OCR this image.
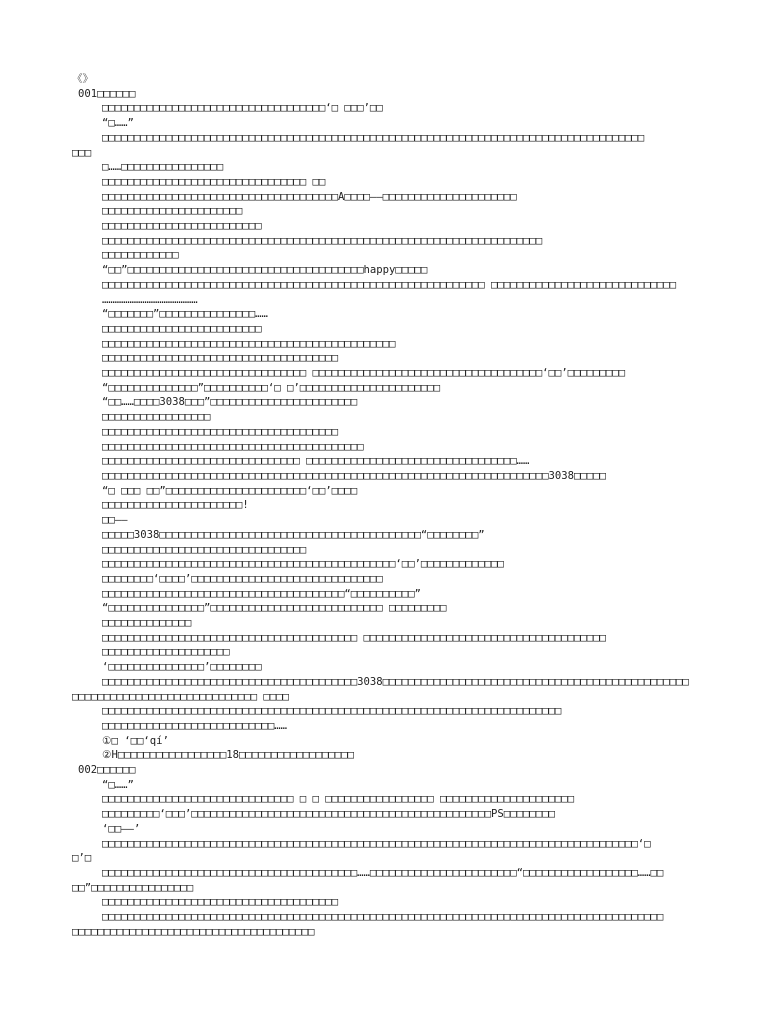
《》
001□□□□□□
□□□□□□□□□□□□□□□□□□□□□□□□□□□□□□□□□□□‘□ □□□’□□
“□……”
□□□□□□□□□□□□□□□□□□□□□□□□□□□□□□□□□□□□□□□□□□□□□□□□□□□□□□□□□□□□□□□□□□□□□□□□□□□□□□□□□□□□□
□□□
□……□□□□□□□□□□□□□□□□
□□□□□□□□□□□□□□□□□□□□□□□□□□□□□□□□ □□
□□□□□□□□□□□□□□□□□□□□□□□□□□□□□□□□□□□□□A□□□□——□□□□□□□□□□□□□□□□□□□□□
□□□□□□□□□□□□□□□□□□□□□□
□□□□□□□□□□□□□□□□□□□□□□□□□
□□□□□□□□□□□□□□□□□□□□□□□□□□□□□□□□□□□□□□□□□□□□□□□□□□□□□□□□□□□□□□□□□□□□□
□□□□□□□□□□□□
“□□”□□□□□□□□□□□□□□□□□□□□□□□□□□□□□□□□□□□□□happy□□□□□
□□□□□□□□□□□□□□□□□□□□□□□□□□□□□□□□□□□□□□□□□□□□□□□□□□□□□□□□□□□□ □□□□□□□□□□□□□□□□□□□□□□□□□□□□□
………………………………………
“□□□□□□□”□□□□□□□□□□□□□□□……
□□□□□□□□□□□□□□□□□□□□□□□□□
□□□□□□□□□□□□□□□□□□□□□□□□□□□□□□□□□□□□□□□□□□□□□□
□□□□□□□□□□□□□□□□□□□□□□□□□□□□□□□□□□□□□
□□□□□□□□□□□□□□□□□□□□□□□□□□□□□□□□ □□□□□□□□□□□□□□□□□□□□□□□□□□□□□□□□□□□□‘□□’□□□□□□□□□
“□□□□□□□□□□□□□□”□□□□□□□□□□‘□ □’□□□□□□□□□□□□□□□□□□□□□□
“□□……□□□□3038□□□”□□□□□□□□□□□□□□□□□□□□□□□
□□□□□□□□□□□□□□□□□
□□□□□□□□□□□□□□□□□□□□□□□□□□□□□□□□□□□□□
□□□□□□□□□□□□□□□□□□□□□□□□□□□□□□□□□□□□□□□□□
□□□□□□□□□□□□□□□□□□□□□□□□□□□□□□□ □□□□□□□□□□□□□□□□□□□□□□□□□□□□□□□□□……
□□□□□□□□□□□□□□□□□□□□□□□□□□□□□□□□□□□□□□□□□□□□□□□□□□□□□□□□□□□□□□□□□□□□□□3038□□□□□
“□ □□□ □□”□□□□□□□□□□□□□□□□□□□□□□‘□□’□□□□
□□□□□□□□□□□□□□□□□□□□□□!
□□——
□□□□□3038□□□□□□□□□□□□□□□□□□□□□□□□□□□□□□□□□□□□□□□□□“□□□□□□□□”
□□□□□□□□□□□□□□□□□□□□□□□□□□□□□□□□
□□□□□□□□□□□□□□□□□□□□□□□□□□□□□□□□□□□□□□□□□□□□□□‘□□’□□□□□□□□□□□□□
□□□□□□□□‘□□□□’□□□□□□□□□□□□□□□□□□□□□□□□□□□□□□
□□□□□□□□□□□□□□□□□□□□□□□□□□□□□□□□□□□□□□“□□□□□□□□□□”
“□□□□□□□□□□□□□□□”□□□□□□□□□□□□□□□□□□□□□□□□□□□ □□□□□□□□□
□□□□□□□□□□□□□□
□□□□□□□□□□□□□□□□□□□□□□□□□□□□□□□□□□□□□□□□ □□□□□□□□□□□□□□□□□□□□□□□□□□□□□□□□□□□□□□
□□□□□□□□□□□□□□□□□□□□
‘□□□□□□□□□□□□□□□’□□□□□□□□
□□□□□□□□□□□□□□□□□□□□□□□□□□□□□□□□□□□□□□□□3038□□□□□□□□□□□□□□□□□□□□□□□□□□□□□□□□□□□□□□□□□□□□□□□□
□□□□□□□□□□□□□□□□□□□□□□□□□□□□□ □□□□
□□□□□□□□□□□□□□□□□□□□□□□□□□□□□□□□□□□□□□□□□□□□□□□□□□□□□□□□□□□□□□□□□□□□□□□□
□□□□□□□□□□□□□□□□□□□□□□□□□□□……
①□ ‘□□‘qí’
②H□□□□□□□□□□□□□□□□□18□□□□□□□□□□□□□□□□□□
002□□□□□□
“□……”
□□□□□□□□□□□□□□□□□□□□□□□□□□□□□□ □ □ □□□□□□□□□□□□□□□□□ □□□□□□□□□□□□□□□□□□□□□
□□□□□□□□□‘□□□’□□□□□□□□□□□□□□□□□□□□□□□□□□□□□□□□□□□□□□□□□□□□□□□PS□□□□□□□□
‘□□——’
□□□□□□□□□□□□□□□□□□□□□□□□□□□□□□□□□□□□□□□□□□□□□□□□□□□□□□□□□□□□□□□□□□□□□□□□□□□□□□□□□□□□‘□
□’□
□□□□□□□□□□□□□□□□□□□□□□□□□□□□□□□□□□□□□□□□……□□□□□□□□□□□□□□□□□□□□□□□“□□□□□□□□□□□□□□□□□□……□□
□□”□□□□□□□□□□□□□□□□
□□□□□□□□□□□□□□□□□□□□□□□□□□□□□□□□□□□□□
□□□□□□□□□□□□□□□□□□□□□□□□□□□□□□□□□□□□□□□□□□□□□□□□□□□□□□□□□□□□□□□□□□□□□□□□□□□□□□□□□□□□□□□□
□□□□□□□□□□□□□□□□□□□□□□□□□□□□□□□□□□□□□□
